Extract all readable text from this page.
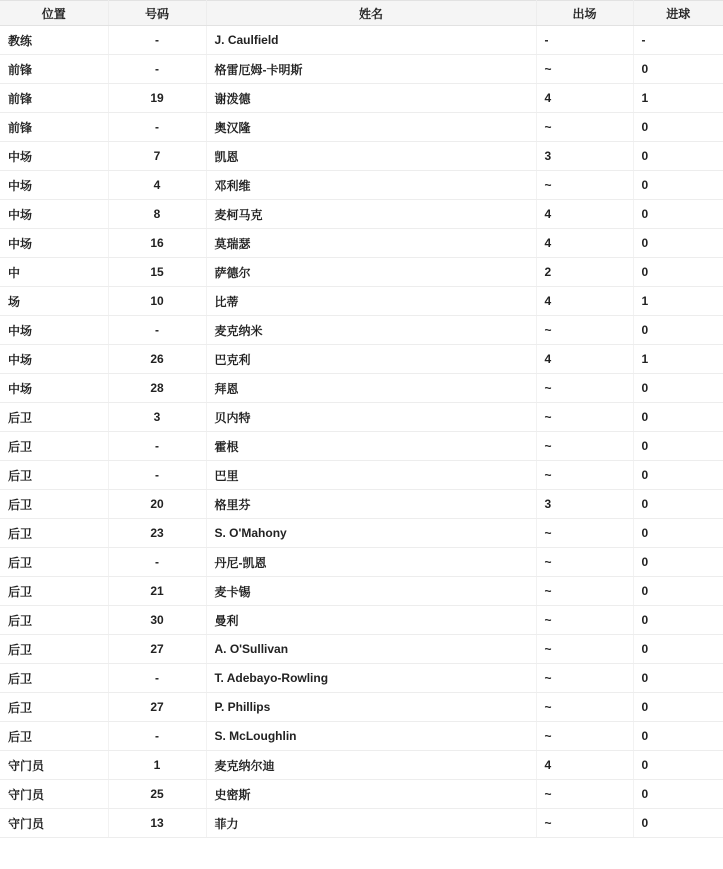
位置	号码	姓名	出场	进球
教练	-	J. Caulfield	-	-
前锋	-	格雷厄姆-卡明斯	~	0
前锋	19	谢泼德	4	1
前锋	-	奥汉隆	~	0
中场	7	凯恩	3	0
中场	4	邓利维	~	0
中场	8	麦柯马克	4	0
中场	16	莫瑞瑟	4	0
中	15	萨德尔	2	0
场	10	比蒂	4	1
中场	-	麦克纳米	~	0
中场	26	巴克利	4	1
中场	28	拜恩	~	0
后卫	3	贝内特	~	0
后卫	-	霍根	~	0
后卫	-	巴里	~	0
后卫	20	格里芬	3	0
后卫	23	S. O'Mahony	~	0
后卫	-	丹尼-凯恩	~	0
后卫	21	麦卡锡	~	0
后卫	30	曼利	~	0
后卫	27	A. O'Sullivan	~	0
后卫	-	T. Adebayo-Rowling	~	0
后卫	27	P. Phillips	~	0
后卫	-	S. McLoughlin	~	0
守门员	1	麦克纳尔迪	4	0
守门员	25	史密斯	~	0
守门员	13	菲力	~	0
